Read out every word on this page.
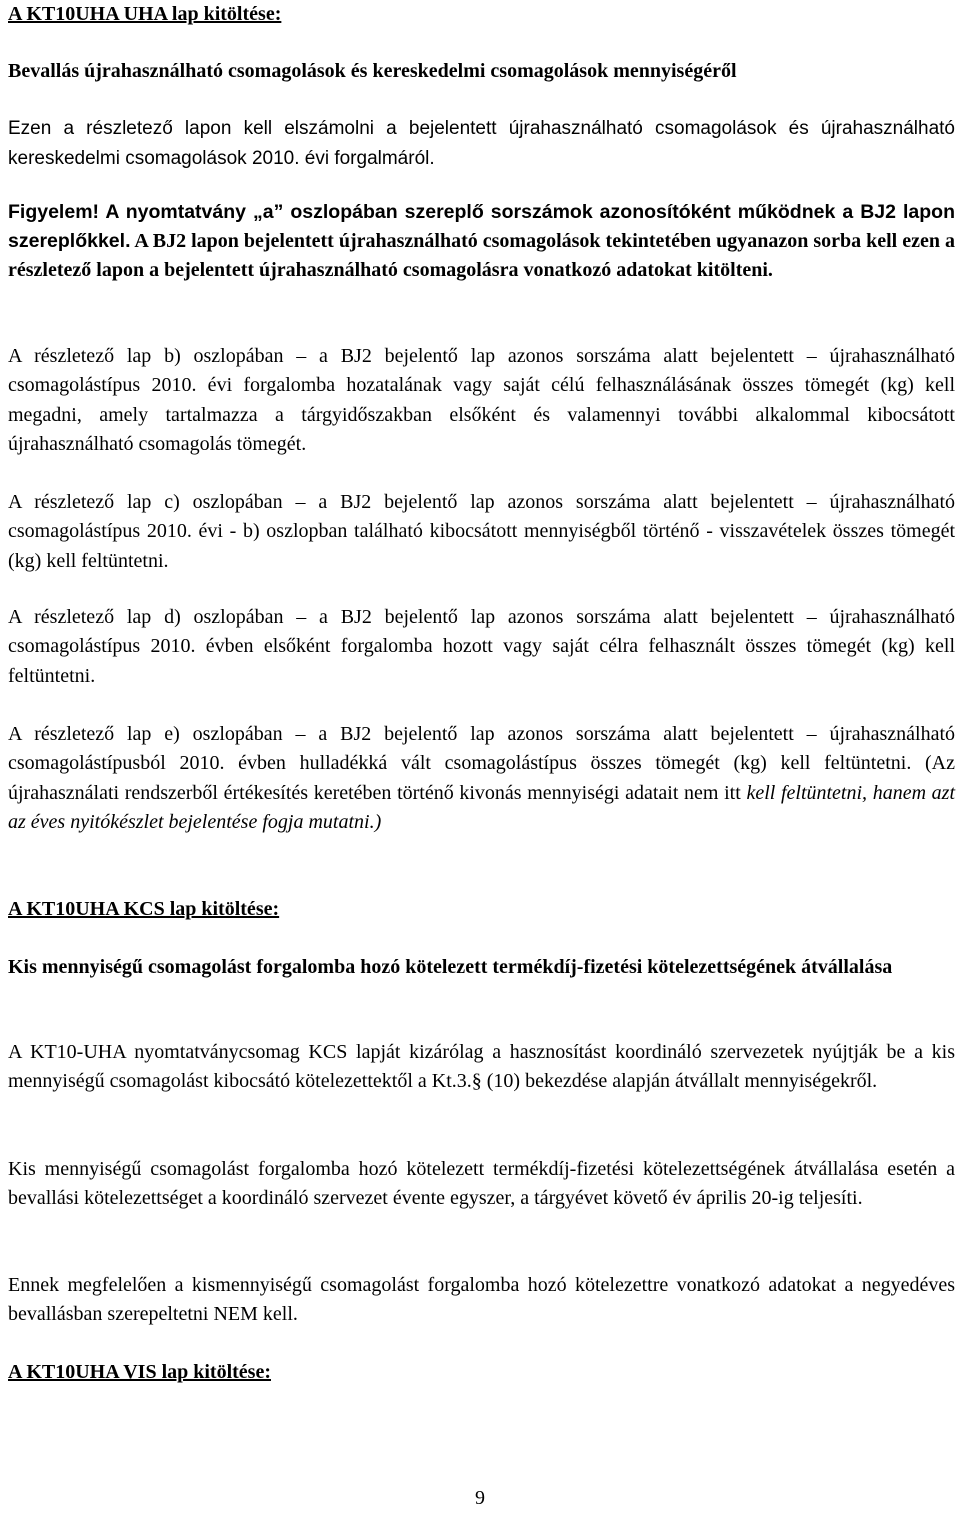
A KT10UHA UHA lap kitöltése:

Bevallás újrahasználható csomagolások és kereskedelmi csomagolások mennyiségéről

Ezen a részletező lapon kell elszámolni a bejelentett újrahasználható csomagolások és újrahasználható kereskedelmi csomagolások 2010. évi forgalmáról.

Figyelem! A nyomtatvány „a” oszlopában szereplő sorszámok azonosítóként működnek a BJ2 lapon szereplőkkel. A BJ2 lapon bejelentett újrahasználható csomagolások tekintetében ugyanazon sorba kell ezen a részletező lapon a bejelentett újrahasználható csomagolásra vonatkozó adatokat kitölteni.

A részletező lap b) oszlopában – a BJ2 bejelentő lap azonos sorszáma alatt bejelentett – újrahasználható csomagolástípus 2010. évi forgalomba hozatalának vagy saját célú felhasználásának összes tömegét (kg) kell megadni, amely tartalmazza a tárgyidőszakban elsőként és valamennyi további alkalommal kibocsátott újrahasználható csomagolás tömegét.

A részletező lap c) oszlopában – a BJ2 bejelentő lap azonos sorszáma alatt bejelentett – újrahasználható csomagolástípus 2010. évi - b) oszlopban található kibocsátott mennyiségből történő - visszavételek összes tömegét (kg) kell feltüntetni.

A részletező lap d) oszlopában – a BJ2 bejelentő lap azonos sorszáma alatt bejelentett – újrahasználható csomagolástípus 2010. évben elsőként forgalomba hozott vagy saját célra felhasznált összes tömegét (kg) kell feltüntetni.

A részletező lap e) oszlopában – a BJ2 bejelentő lap azonos sorszáma alatt bejelentett – újrahasználható csomagolástípusból 2010. évben hulladékká vált csomagolástípus összes tömegét (kg) kell feltüntetni. (Az újrahasználati rendszerből értékesítés keretében történő kivonás mennyiségi adatait nem itt kell feltüntetni, hanem azt az éves nyitókészlet bejelentése fogja mutatni.)

A KT10UHA KCS lap kitöltése:

Kis mennyiségű csomagolást forgalomba hozó kötelezett termékdíj-fizetési kötelezettségének átvállalása

A KT10-UHA nyomtatványcsomag KCS lapját kizárólag a hasznosítást koordináló szervezetek nyújtják be a kis mennyiségű csomagolást kibocsátó kötelezettektől a Kt.3.§ (10) bekezdése alapján átvállalt mennyiségekről.

Kis mennyiségű csomagolást forgalomba hozó kötelezett termékdíj-fizetési kötelezettségének átvállalása esetén a bevallási kötelezettséget a koordináló szervezet évente egyszer, a tárgyévet követő év április 20-ig teljesíti.

Ennek megfelelően a kismennyiségű csomagolást forgalomba hozó kötelezettre vonatkozó adatokat a negyedéves bevallásban szerepeltetni NEM kell.

A KT10UHA VIS lap kitöltése:

9
